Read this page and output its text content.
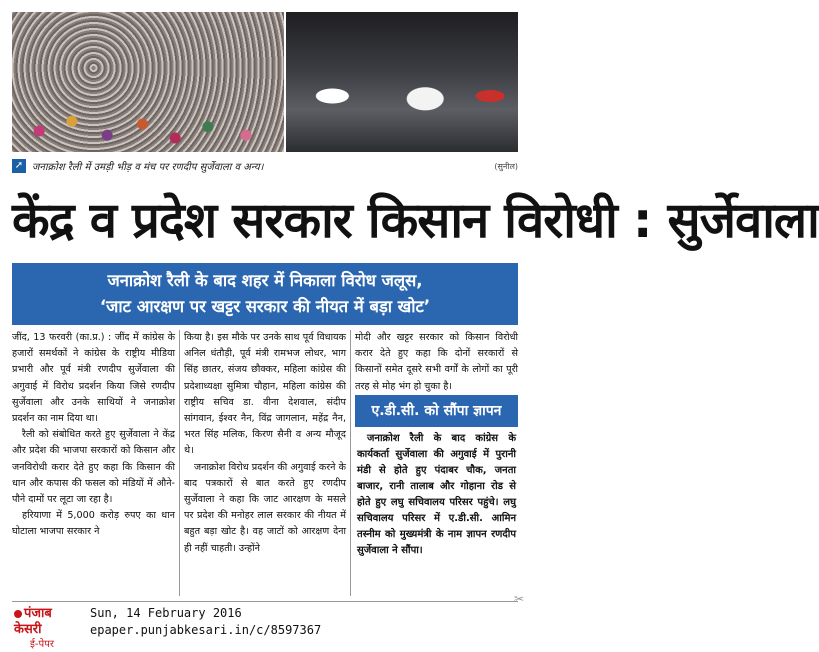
➚ जनाक्रोश रैली में उमड़ी भीड़ व मंच पर रणदीप सुर्जेवाला व अन्य।	(सुनील)
केंद्र व प्रदेश सरकार किसान विरोधी : सुर्जेवाला
जनाक्रोश रैली के बाद शहर में निकाला विरोध जलूस,
‘जाट आरक्षण पर खट्टर सरकार की नीयत में बड़ा खोट’

जींद, 13 फरवरी (का.प्र.) : जींद में कांग्रेस के हजारों समर्थकों ने कांग्रेस के राष्ट्रीय मीडिया प्रभारी और पूर्व मंत्री रणदीप सुर्जेवाला की अगुवाई में विरोध प्रदर्शन किया जिसे रणदीप सुर्जेवाला और उनके साथियों ने जनाक्रोश प्रदर्शन का नाम दिया था।

रैली को संबोधित करते हुए सुर्जेवाला ने केंद्र और प्रदेश की भाजपा सरकारों को किसान और जनविरोधी करार देते हुए कहा कि किसान की धान और कपास की फसल को मंडियों में औने-पौने दामों पर लूटा जा रहा है।

हरियाणा में 5,000 करोड़ रुपए का धान घोटाला भाजपा सरकार ने

किया है। इस मौके पर उनके साथ पूर्व विधायक अनिल धंतौड़ी, पूर्व मंत्री रामभज लोधर, भाग सिंह छातर, संजय छौक्कर, महिला कांग्रेस की प्रदेशाध्यक्षा सुमित्रा चौहान, महिला कांग्रेस की राष्ट्रीय सचिव डा. वीना देशवाल, संदीप सांगवान, ईश्वर नैन, विंद्र जागलान, महेंद्र नैन, भरत सिंह मलिक, किरण सैनी व अन्य मौजूद थे।

जनाक्रोश विरोध प्रदर्शन की अगुवाई करने के बाद पत्रकारों से बात करते हुए रणदीप सुर्जेवाला ने कहा कि जाट आरक्षण के मसले पर प्रदेश की मनोहर लाल सरकार की नीयत में बहुत बड़ा खोट है। वह जाटों को आरक्षण देना ही नहीं चाहती। उन्होंने

मोदी और खट्टर सरकार को किसान विरोधी करार देते हुए कहा कि दोनों सरकारों से किसानों समेत दूसरे सभी वर्गों के लोगों का पूरी तरह से मोह भंग हो चुका है।
ए.डी.सी. को सौंपा ज्ञापन

जनाक्रोश रैली के बाद कांग्रेस के कार्यकर्ता सुर्जेवाला की अगुवाई में पुरानी मंडी से होते हुए पंदाबर चौक, जनता बाजार, रानी तालाब और गोहाना रोड से होते हुए लघु सचिवालय परिसर पहुंचे। लघु सचिवालय परिसर में ए.डी.सी. आमिन तस्नीम को मुख्यमंत्री के नाम ज्ञापन रणदीप सुर्जेवाला ने सौंपा।

✂
पंजाब केसरी
ई-पेपर
Sun, 14 February 2016
epaper.punjabkesari.in/c/8597367
